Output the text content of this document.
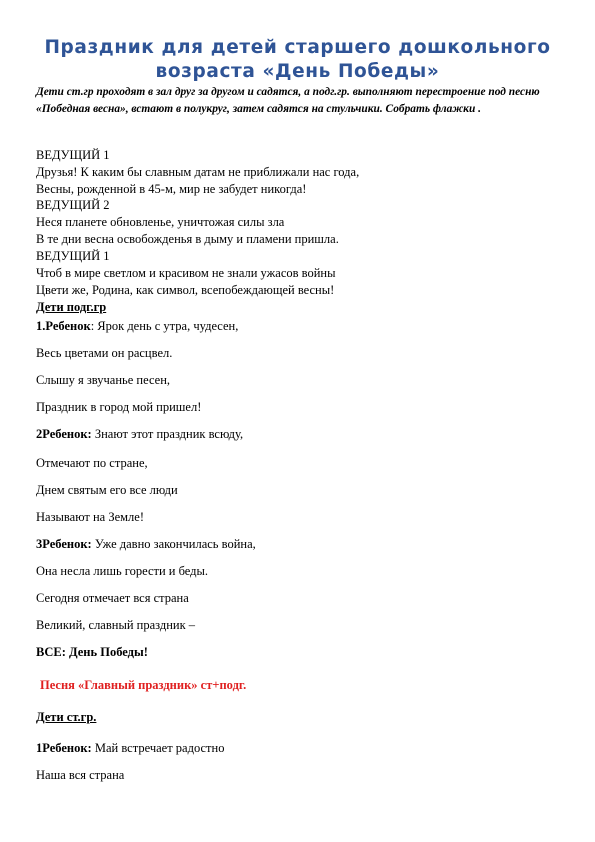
Праздник для детей старшего дошкольного
возраста «День Победы»
Дети ст.гр проходят в зал друг за другом и садятся, а подг.гр. выполняют перестроение под песню «Победная весна», встают в полукруг, затем садятся на стульчики. Собрать флажки .
ВЕДУЩИЙ 1
Друзья! К каким бы славным датам не приближали нас года,
Весны, рожденной в 45-м, мир не забудет никогда!
ВЕДУЩИЙ 2
Неся планете обновленье, уничтожая силы зла
В те дни весна освобожденья в дыму и пламени пришла.
ВЕДУЩИЙ 1
Чтоб в мире светлом и красивом не знали ужасов войны
Цвети же, Родина, как символ, всепобеждающей весны!
Дети подг.гр
1.Ребенок: Ярок день с утра, чудесен,
Весь цветами он расцвел.
Слышу я звучанье песен,
Праздник в город мой пришел!
2Ребенок: Знают этот праздник всюду,
Отмечают по стране,
Днем святым его все люди
Называют на Земле!
3Ребенок: Уже давно закончилась война,
Она несла лишь горести и беды.
Сегодня отмечает вся страна
Великий, славный праздник –
ВСЕ: День Победы!
Песня «Главный праздник» ст+подг.
Дети ст.гр.
1Ребенок: Май встречает радостно
Наша вся страна
